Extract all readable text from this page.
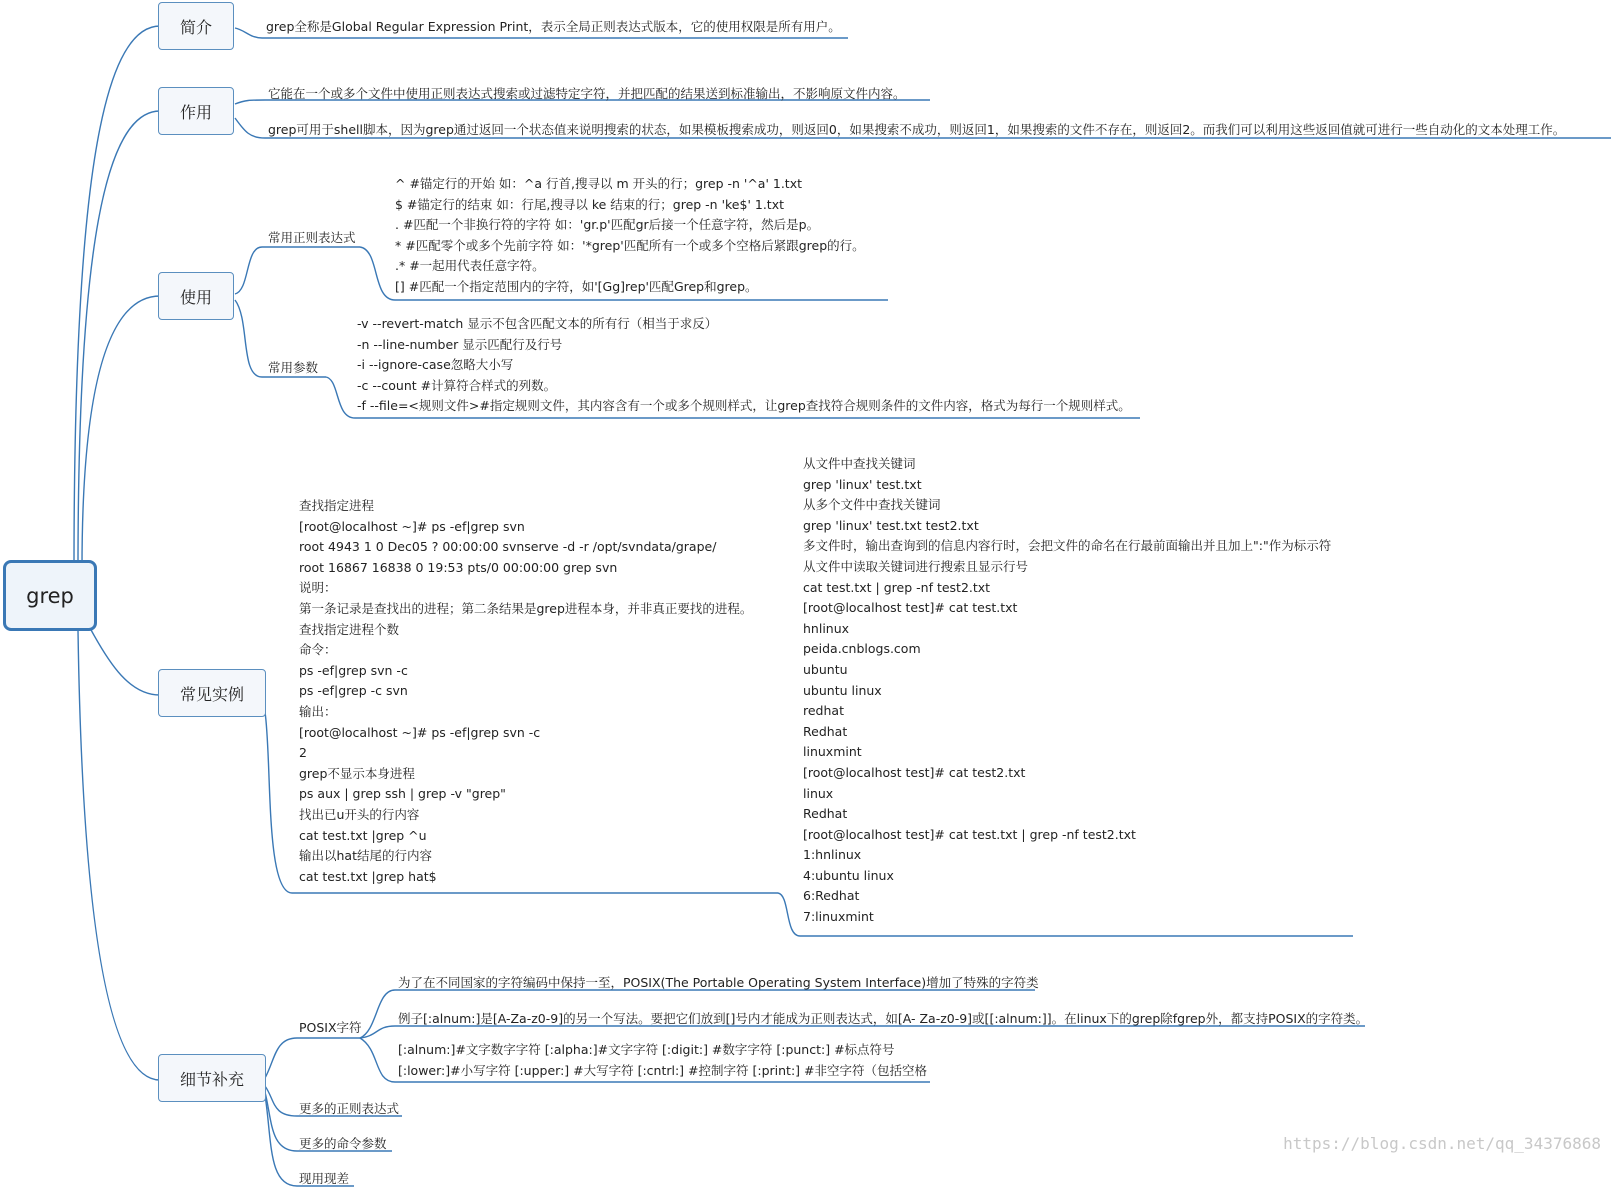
grep
简介
作用
使用
常见实例
细节补充
grep全称是Global Regular Expression Print，表示全局正则表达式版本，它的使用权限是所有用户。
它能在一个或多个文件中使用正则表达式搜索或过滤特定字符，并把匹配的结果送到标准输出，不影响原文件内容。
grep可用于shell脚本，因为grep通过返回一个状态值来说明搜索的状态，如果模板搜索成功，则返回0，如果搜索不成功，则返回1，如果搜索的文件不存在，则返回2。而我们可以利用这些返回值就可进行一些自动化的文本处理工作。
常用正则表达式
^ #锚定行的开始 如：^a 行首,搜寻以 m 开头的行；grep -n '^a' 1.txt
$ #锚定行的结束 如：行尾,搜寻以 ke 结束的行；grep -n 'ke$' 1.txt
. #匹配一个非换行符的字符 如：'gr.p'匹配gr后接一个任意字符，然后是p。
* #匹配零个或多个先前字符 如：'*grep'匹配所有一个或多个空格后紧跟grep的行。
.* #一起用代表任意字符。
[] #匹配一个指定范围内的字符，如'[Gg]rep'匹配Grep和grep。
常用参数
-v --revert-match 显示不包含匹配文本的所有行（相当于求反）
-n --line-number 显示匹配行及行号
-i --ignore-case忽略大小写
-c --count #计算符合样式的列数。
-f --file=<规则文件>#指定规则文件，其内容含有一个或多个规则样式，让grep查找符合规则条件的文件内容，格式为每行一个规则样式。
查找指定进程
[root@localhost ~]# ps -ef|grep svn
root 4943 1 0 Dec05 ? 00:00:00 svnserve -d -r /opt/svndata/grape/
root 16867 16838 0 19:53 pts/0 00:00:00 grep svn
说明：
第一条记录是查找出的进程；第二条结果是grep进程本身，并非真正要找的进程。
查找指定进程个数
命令：
ps -ef|grep svn -c
ps -ef|grep -c svn
输出：
[root@localhost ~]# ps -ef|grep svn -c
2
grep不显示本身进程
ps aux | grep ssh | grep -v "grep"
找出已u开头的行内容
cat test.txt |grep ^u
输出以hat结尾的行内容
cat test.txt |grep hat$
从文件中查找关键词
grep 'linux' test.txt
从多个文件中查找关键词
grep 'linux' test.txt test2.txt
多文件时，输出查询到的信息内容行时，会把文件的命名在行最前面输出并且加上":"作为标示符
从文件中读取关键词进行搜索且显示行号
cat test.txt | grep -nf test2.txt
[root@localhost test]# cat test.txt
hnlinux
peida.cnblogs.com
ubuntu
ubuntu linux
redhat
Redhat
linuxmint
[root@localhost test]# cat test2.txt
linux
Redhat
[root@localhost test]# cat test.txt | grep -nf test2.txt
1:hnlinux
4:ubuntu linux
6:Redhat
7:linuxmint
POSIX字符
为了在不同国家的字符编码中保持一至，POSIX(The Portable Operating System Interface)增加了特殊的字符类
例子[:alnum:]是[A-Za-z0-9]的另一个写法。要把它们放到[]号内才能成为正则表达式，如[A- Za-z0-9]或[[:alnum:]]。在linux下的grep除fgrep外，都支持POSIX的字符类。
[:alnum:]#文字数字字符 [:alpha:]#文字字符 [:digit:] #数字字符 [:punct:] #标点符号
[:lower:]#小写字符 [:upper:] #大写字符 [:cntrl:] #控制字符 [:print:] #非空字符（包括空格
更多的正则表达式
更多的命令参数
现用现差
https://blog.csdn.net/qq_34376868
